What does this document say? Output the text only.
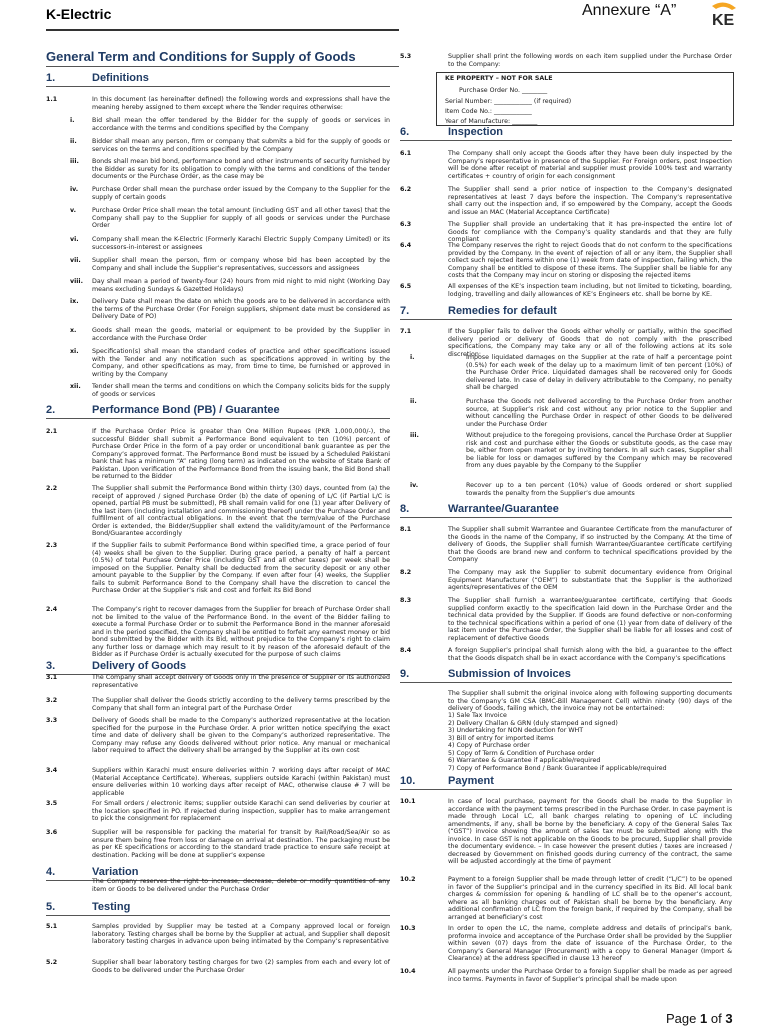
K-Electric	Annexure “A”
KE
General Term and Conditions for Supply of Goods
1.	Definitions
1.1	In this document (as hereinafter defined) the following words and expressions shall have the meaning hereby assigned to them except where the Tender requires otherwise:
i.	Bid shall mean the offer tendered by the Bidder for the supply of goods or services in accordance with the terms and conditions specified by the Company
ii. Bidder shall mean any person, firm or company that submits a bid for the supply of goods or services on the terms and conditions specified by the Company
iii. Bonds shall mean bid bond, performance bond and other instruments of security furnished by the Bidder as surety for its obligation to comply with the terms and conditions of the tender documents or the Purchase Order, as the case may be
iv. Purchase Order shall mean the purchase order issued by the Company to the Supplier for the supply of certain goods
v.	Purchase Order Price shall mean the total amount (including GST and all other taxes) that the Company shall pay to the Supplier for supply of all goods or services under the Purchase Order
vi. Company shall mean the K-Electric (Formerly Karachi Electric Supply Company Limited) or its successors-in-interest or assignees
vii. Supplier shall mean the person, firm or company whose bid has been accepted by the Company and shall include the Supplier’s representatives, successors and assignees
viii. Day shall mean a period of twenty-four (24) hours from mid night to mid night (Working Day means excluding Sundays & Gazetted Holidays)
ix. Delivery Date shall mean the date on which the goods are to be delivered in accordance with the terms of the Purchase Order (For Foreign suppliers, shipment date must be considered as Delivery Date of PO)
x. Goods shall mean the goods, material or equipment to be provided by the Supplier in accordance with the Purchase Order
xi. Specification(s) shall mean the standard codes of practice and other specifications issued with the Tender and any notification such as specifications approved in writing by the Company, and other specifications as may, from time to time, be furnished or approved in writing by the Company
xii. Tender shall mean the terms and conditions on which the Company solicits bids for the supply of goods or services
2.	Performance Bond (PB) / Guarantee
2.1	If the Purchase Order Price is greater than One Million Rupees (PKR 1,000,000/-), the successful Bidder shall submit a Performance Bond equivalent to ten (10%) percent of Purchase Order Price in the form of a pay order or unconditional bank guarantee as per the Company’s approved format. The Performance Bond must be issued by a Scheduled Pakistani bank that has a minimum “A” rating (long term) as indicated on the website of State Bank of Pakistan. Upon verification of the Performance Bond from the issuing bank, the Bid Bond shall be returned to the Bidder
2.2	The Supplier shall submit the Performance Bond within thirty (30) days, counted from (a) the receipt of approved / signed Purchase Order (b) the date of opening of L/C (if Partial L/C is opened, partial PB must be submitted), PB shall remain valid for one (1) year after Delivery of the last item (including installation and commissioning thereof) under the Purchase Order and fulfillment of all contractual obligations. In the event that the term/value of the Purchase Order is extended, the Bidder/Supplier shall extend the validity/amount of the Performance Bond/Guarantee accordingly
2.3	If the Supplier fails to submit Performance Bond within specified time, a grace period of four (4) weeks shall be given to the Supplier. During grace period, a penalty of half a percent (0.5%) of total Purchase Order Price (including GST and all other taxes) per week shall be imposed on the Supplier. Penalty shall be deducted from the security deposit or any other amount payable to the Supplier by the Company. If even after four (4) weeks, the Supplier fails to submit Performance Bond to the Company shall have the discretion to cancel the Purchase Order at the Supplier’s risk and cost and forfeit its Bid Bond
2.4	The Company’s right to recover damages from the Supplier for breach of Purchase Order shall not be limited to the value of the Performance Bond. In the event of the Bidder failing to execute a formal Purchase Order or to submit the Performance Bond in the manner aforesaid and in the period specified, the Company shall be entitled to forfeit any earnest money or bid bond submitted by the Bidder with its Bid, without prejudice to the Company’s right to claim any further loss or damage which may result to it by reason of the aforesaid default of the Bidder as if Purchase Order is actually executed for the purpose of such claims
3.	Delivery of Goods
3.1	The Company shall accept delivery of Goods only in the presence of Supplier or its authorized representative
3.2	The Supplier shall deliver the Goods strictly according to the delivery terms prescribed by the Company that shall form an integral part of the Purchase Order
3.3	Delivery of Goods shall be made to the Company’s authorized representative at the location specified for the purpose in the Purchase Order. A prior written notice specifying the exact time and date of delivery shall be given to the Company’s authorized representative. The Company may refuse any Goods delivered without prior notice. Any manual or mechanical labor required to affect the delivery shall be arranged by the Supplier at its own cost
3.4	Suppliers within Karachi must ensure deliveries within 7 working days after receipt of MAC (Material Acceptance Certificate). Whereas, suppliers outside Karachi (within Pakistan) must ensure deliveries within 10 working days after receipt of MAC, otherwise clause # 7 will be applicable
3.5	For Small orders / electronic items; supplier outside Karachi can send deliveries by courier at the location specified in PO. If rejected during inspection, supplier has to make arrangement to pick the consignment for replacement
3.6	Supplier will be responsible for packing the material for transit by Rail/Road/Sea/Air so as ensure them being free from loss or damage on arrival at destination. The packaging must be as per KE specifications or according to the standard trade practice to ensure safe receipt at destination. Packing will be done at supplier’s expense
4.	Variation
The Company reserves the right to increase, decrease, delete or modify quantities of any item or Goods to be delivered under the Purchase Order
5.	Testing
5.1	Samples provided by Supplier may be tested at a Company approved local or foreign laboratory. Testing charges shall be borne by the Supplier at actual, and Supplier shall deposit laboratory testing charges in advance upon being intimated by the Company’s representative
5.2	Supplier shall bear laboratory testing charges for two (2) samples from each and every lot of Goods to be delivered under the Purchase Order
5.3	Supplier shall print the following words on each item supplied under the Purchase Order to the Company:
KE PROPERTY – NOT FOR SALE
Purchase Order No. ________
Serial Number: ____________ (if required)
Item Code No.: ____________
Year of Manufacture: ________
6.	Inspection
6.1	The Company shall only accept the Goods after they have been duly inspected by the Company’s representative in presence of the Supplier. For Foreign orders, post Inspection will be done after receipt of material and supplier must provide 100% test and warranty certificates + country of origin for each consignment
6.2	The Supplier shall send a prior notice of inspection to the Company’s designated representatives at least 7 days before the inspection. The Company’s representative shall carry out the inspection and, if so empowered by the Company, accept the Goods and issue an MAC (Material Acceptance Certificate)
6.3	The Supplier shall provide an undertaking that it has pre-inspected the entire lot of Goods for compliance with the Company’s quality standards and that they are fully compliant
6.4	The Company reserves the right to reject Goods that do not conform to the specifications provided by the Company. In the event of rejection of all or any item, the Supplier shall collect such rejected items within one (1) week from date of inspection, failing which, the Company shall be entitled to dispose of these items. The Supplier shall be liable for any costs that the Company may incur on storing or disposing the rejected items
6.5	All expenses of the KE’s inspection team including, but not limited to ticketing, boarding, lodging, travelling and daily allowances of KE’s Engineers etc. shall be borne by KE.
7.	Remedies for default
7.1	If the Supplier fails to deliver the Goods either wholly or partially, within the specified delivery period or delivery of Goods that do not comply with the prescribed specifications, the Company may take any or all of the following actions at its sole discretion:
i.	Impose liquidated damages on the Supplier at the rate of half a percentage point (0.5%) for each week of the delay up to a maximum limit of ten percent (10%) of the Purchase Order Price. Liquidated damages shall be recovered only for Goods delivered late. In case of delay in delivery attributable to the Company, no penalty shall be charged
ii.	Purchase the Goods not delivered according to the Purchase Order from another source, at Supplier’s risk and cost without any prior notice to the Supplier and without cancelling the Purchase Order in respect of other Goods to be delivered under the Purchase Order
iii.	Without prejudice to the foregoing provisions, cancel the Purchase Order at Supplier risk and cost and purchase either the Goods or substitute goods, as the case may be, either from open market or by inviting tenders. In all such cases, Supplier shall be liable for loss or damages suffered by the Company which may be recovered from any dues payable by the Company to the Supplier
iv.	Recover up to a ten percent (10%) value of Goods ordered or short supplied towards the penalty from the Supplier’s due amounts
8.	Warrantee/Guarantee
8.1	The Supplier shall submit Warrantee and Guarantee Certificate from the manufacturer of the Goods in the name of the Company, if so instructed by the Company. At the time of delivery of Goods, the Supplier shall furnish Warrantee/Guarantee certificate certifying that the Goods are brand new and conform to technical specifications provided by the Company
8.2	The Company may ask the Supplier to submit documentary evidence from Original Equipment Manufacturer (“OEM”) to substantiate that the Supplier is the authorized agents/representatives of the OEM
8.3	The Supplier shall furnish a warrantee/guarantee certificate, certifying that Goods supplied conform exactly to the specification laid down in the Purchase Order and the technical data provided by the Supplier. If Goods are found defective or non-conforming to the technical specifications within a period of one (1) year from date of delivery of the last item under the Purchase Order, the Supplier shall be liable for all losses and cost of replacement of defective Goods
8.4	A foreign Supplier’s principal shall furnish along with the bid, a guarantee to the effect that the Goods dispatch shall be in exact accordance with the Company’s specifications
9.	Submission of Invoices
The Supplier shall submit the original invoice along with following supporting documents to the Company’s GM CSA (BMC-Bill Management Cell) within ninety (90) days of the delivery of Goods, failing which, the invoice may not be entertained:
1) Sale Tax Invoice
2) Delivery Challan & GRN (duly stamped and signed)
3) Undertaking for NON deduction for WHT
3) Bill of entry for imported items
4) Copy of Purchase order
5) Copy of Term & Condition of Purchase order
6) Warrantee & Guarantee if applicable/required
7) Copy of Performance Bond / Bank Guarantee if applicable/required
10.	Payment
10.1	In case of local purchase, payment for the Goods shall be made to the Supplier in accordance with the payment terms prescribed in the Purchase Order. In case payment is made through Local LC, all bank charges relating to opening of LC including amendments, if any, shall be borne by the beneficiary. A copy of the General Sales Tax (“GST”) invoice showing the amount of sales tax must be submitted along with the invoice. In case GST is not applicable on the Goods to be procured, Supplier shall provide the documentary evidence. – In case however the present duties / taxes are increased / decreased by Government on finished goods during currency of the contract, the same will be adjusted accordingly at the time of payment
10.2	Payment to a foreign Supplier shall be made through letter of credit (“L/C”) to be opened in favor of the Supplier’s principal and in the currency specified in its Bid. All local bank charges & commission for opening & handling of LC shall be to the opener’s account, where as all banking charges out of Pakistan shall be borne by the beneficiary. Any additional confirmation of LC from the foreign bank, if required by the Company, shall be arranged at beneficiary’s cost
10.3	In order to open the LC, the name, complete address and details of principal’s bank, proforma invoice and acceptance of the Purchase Order shall be provided by the Supplier within seven (07) days from the date of issuance of the Purchase Order, to the Company’s General Manager (Procurement) with a copy to General Manager (Import & Clearance) at the address specified in clause 13 hereof
10.4	All payments under the Purchase Order to a foreign Supplier shall be made as per agreed inco terms. Payments in favor of Supplier’s principal shall be made upon
Page 1 of 3
